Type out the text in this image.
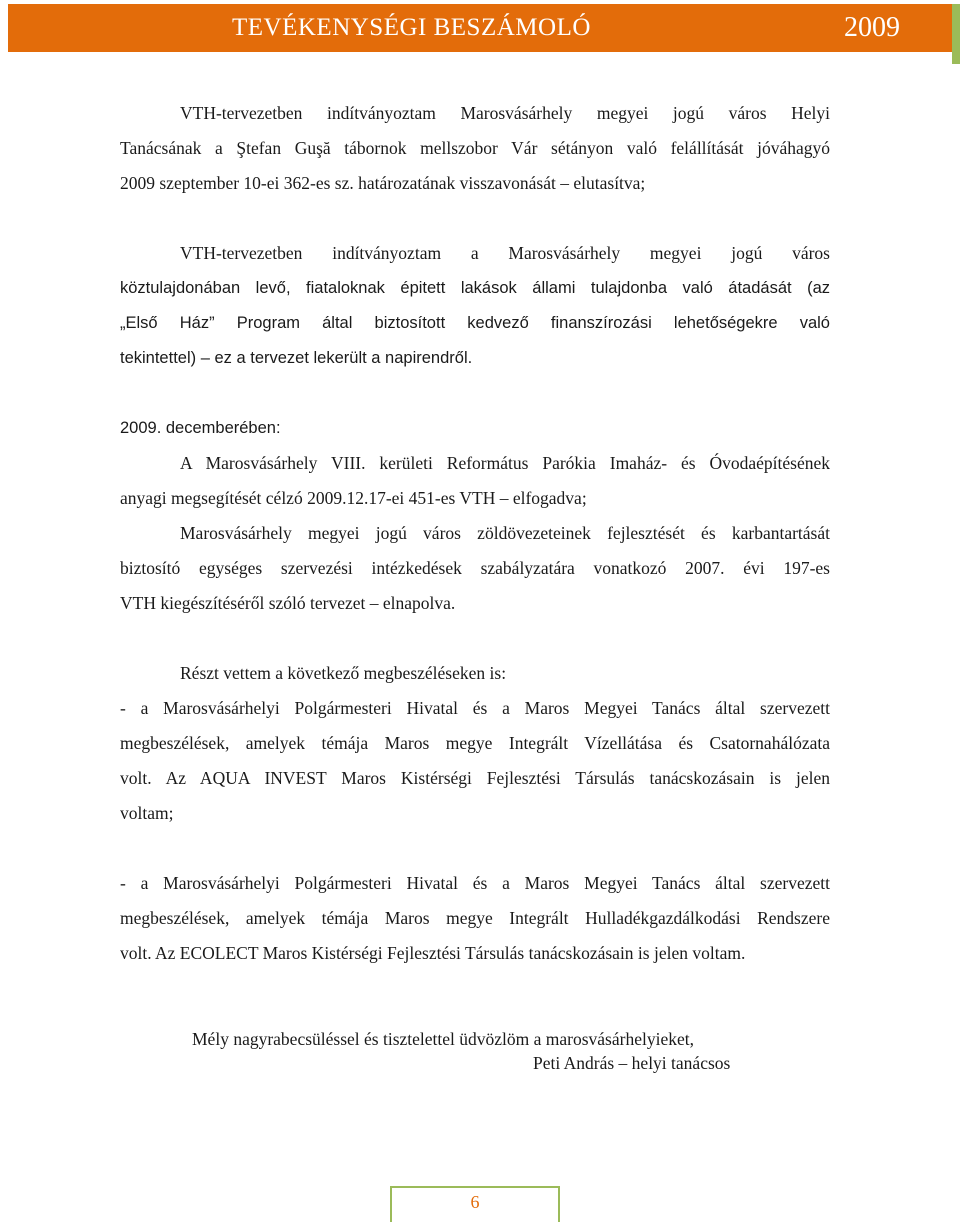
TEVÉKENYSÉGI BESZÁMOLÓ	2009
VTH-tervezetben indítványoztam Marosvásárhely megyei jogú város Helyi
Tanácsának a Ştefan Guşă tábornok mellszobor Vár sétányon való felállítását jóváhagyó
2009 szeptember 10-ei 362-es sz. határozatának visszavonását – elutasítva;
VTH-tervezetben indítványoztam a Marosvásárhely megyei jogú város
köztulajdonában levő, fiataloknak épitett lakások állami tulajdonba való átadását (az
„Első Ház” Program által biztosított kedvező finanszírozási lehetőségekre való
tekintettel) – ez a tervezet lekerült a napirendről.
2009. decemberében:
A Marosvásárhely VIII. kerületi Református Parókia Imaház- és Óvodaépítésének
anyagi megsegítését célzó 2009.12.17-ei 451-es VTH – elfogadva;
Marosvásárhely megyei jogú város zöldövezeteinek fejlesztését és karbantartását
biztosító egységes szervezési intézkedések szabályzatára vonatkozó 2007. évi 197-es
VTH kiegészítéséről szóló tervezet – elnapolva.
Részt vettem a következő megbeszéléseken is:
- a Marosvásárhelyi Polgármesteri Hivatal és a Maros Megyei Tanács által szervezett
megbeszélések, amelyek témája Maros megye Integrált Vízellátása és Csatornahálózata
volt. Az AQUA INVEST Maros Kistérségi Fejlesztési Társulás tanácskozásain is jelen
voltam;
- a Marosvásárhelyi Polgármesteri Hivatal és a Maros Megyei Tanács által szervezett
megbeszélések, amelyek témája Maros megye Integrált Hulladékgazdálkodási Rendszere
volt. Az ECOLECT Maros Kistérségi Fejlesztési Társulás tanácskozásain is jelen voltam.
Mély nagyrabecsüléssel és tisztelettel üdvözlöm a marosvásárhelyieket,
Peti András – helyi tanácsos
6
